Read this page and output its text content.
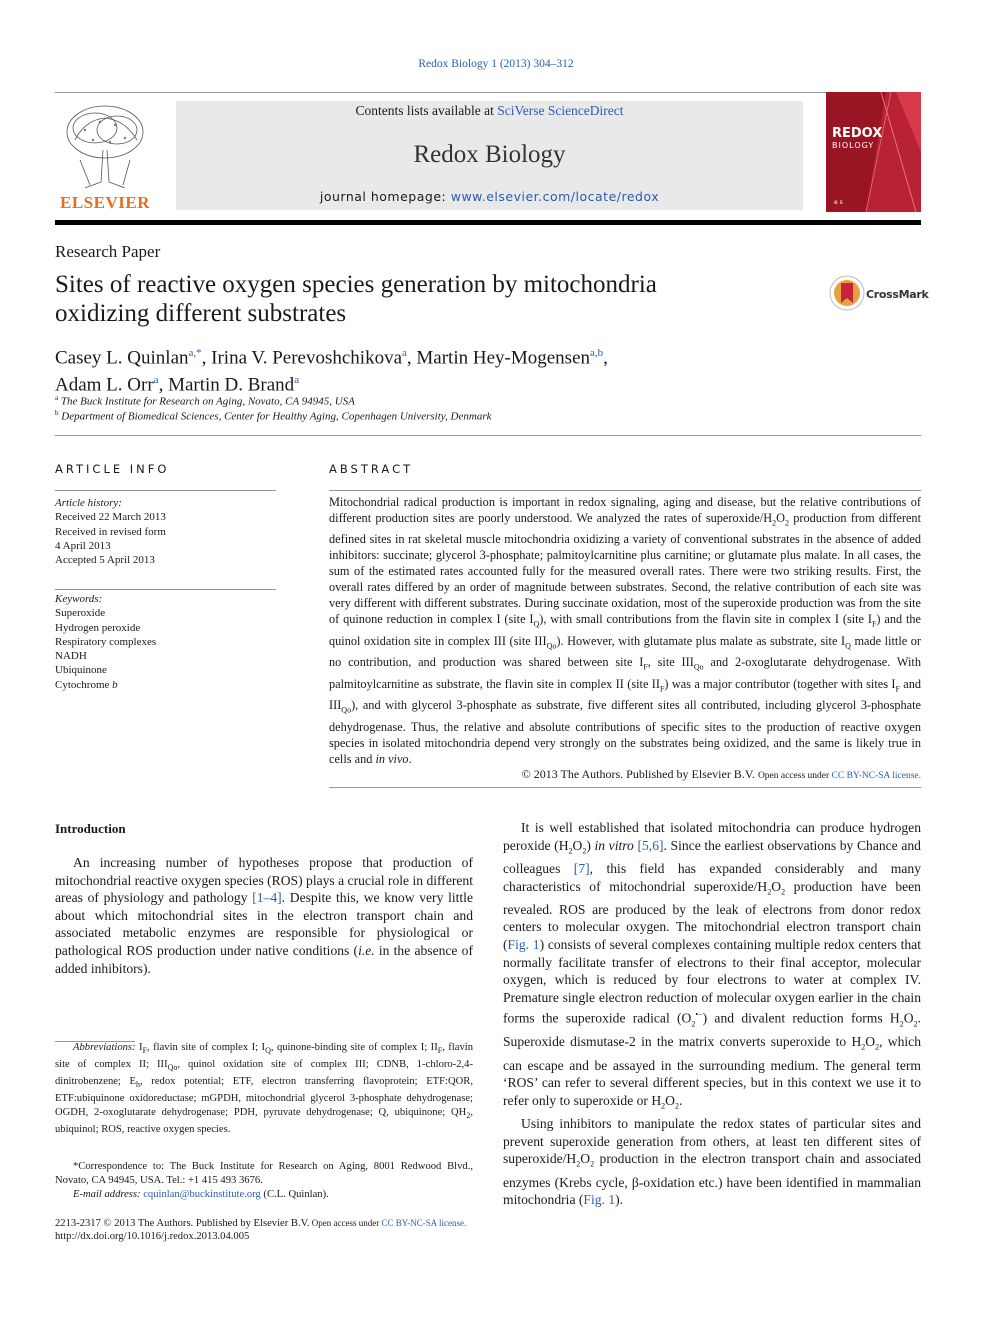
Redox Biology 1 (2013) 304–312
ELSEVIER
Contents lists available at SciVerse ScienceDirect
Redox Biology
journal homepage: www.elsevier.com/locate/redox	e s
REDOX
BIOLOGY
Research Paper
Sites of reactive oxygen species generation by mitochondria
oxidizing different substrates
CrossMark
Casey L. Quinlan$^{a,*}$, Irina V. Perevoshchikova$^a$, Martin Hey-Mogensen$^{a,b}$,
Adam L. Orr$^a$, Martin D. Brand$^a$
$^a$ The Buck Institute for Research on Aging, Novato, CA 94945, USA
$^b$ Department of Biomedical Sciences, Center for Healthy Aging, Copenhagen University, Denmark
ARTICLE INFO
Article history:
Received 22 March 2013
Received in revised form
4 April 2013
Accepted 5 April 2013
Keywords:
Superoxide
Hydrogen peroxide
Respiratory complexes
NADH
Ubiquinone
Cytochrome b
ABSTRACT
Mitochondrial radical production is important in redox signaling, aging and disease, but the relative contributions of different production sites are poorly understood. We analyzed the rates of superoxide/$H_2O_2$ production from different defined sites in rat skeletal muscle mitochondria oxidizing a variety of conventional substrates in the absence of added inhibitors: succinate; glycerol 3-phosphate; palmitoylcarnitine plus carnitine; or glutamate plus malate. In all cases, the sum of the estimated rates accounted fully for the measured overall rates. There were two striking results. First, the overall rates differed by an order of magnitude between substrates. Second, the relative contribution of each site was very different with different substrates. During succinate oxidation, most of the superoxide production was from the site of quinone reduction in complex I (site $I_Q$), with small contributions from the flavin site in complex I (site $I_F$) and the quinol oxidation site in complex III (site $III_{Qo}$). However, with glutamate plus malate as substrate, site $I_Q$ made little or no contribution, and production was shared between site $I_F$, site $III_{Qo}$ and 2-oxoglutarate dehydrogenase. With palmitoylcarnitine as substrate, the flavin site in complex II (site $II_F$) was a major contributor (together with sites $I_F$ and $III_{Qo}$), and with glycerol 3-phosphate as substrate, five different sites all contributed, including glycerol 3-phosphate dehydrogenase. Thus, the relative and absolute contributions of specific sites to the production of reactive oxygen species in isolated mitochondria depend very strongly on the substrates being oxidized, and the same is likely true in cells and in vivo.
© 2013 The Authors. Published by Elsevier B.V. Open access under CC BY-NC-SA license.
Introduction

An increasing number of hypotheses propose that production of mitochondrial reactive oxygen species (ROS) plays a crucial role in different areas of physiology and pathology [1–4]. Despite this, we know very little about which mitochondrial sites in the electron transport chain and associated metabolic enzymes are responsible for physiological or pathological ROS production under native conditions (i.e. in the absence of added inhibitors).

It is well established that isolated mitochondria can produce hydrogen peroxide $(H_2O_2)$ in vitro [5,6]. Since the earliest observations by Chance and colleagues [7], this field has expanded considerably and many characteristics of mitochondrial superoxide/$H_2O_2$ production have been revealed. ROS are produced by the leak of electrons from donor redox centers to molecular oxygen. The mitochondrial electron transport chain (Fig. 1) consists of several complexes containing multiple redox centers that normally facilitate transfer of electrons to their final acceptor, molecular oxygen, which is reduced by four electrons to water at complex IV. Premature single electron reduction of molecular oxygen earlier in the chain forms the superoxide radical $(O_2^{•-})$ and divalent reduction forms $H_2O_2$. Superoxide dismutase-2 in the matrix converts superoxide to $H_2O_2$, which can escape and be assayed in the surrounding medium. The general term ‘ROS’ can refer to several different species, but in this context we use it to refer only to superoxide or $H_2O_2$.

Using inhibitors to manipulate the redox states of particular sites and prevent superoxide generation from others, at least ten different sites of superoxide/$H_2O_2$ production in the electron transport chain and associated enzymes (Krebs cycle, β-oxidation etc.) have been identified in mammalian mitochondria (Fig. 1).

Abbreviations: $I_F$, flavin site of complex I; $I_Q$, quinone-binding site of complex I; $II_F$, flavin site of complex II; $III_{Qo}$, quinol oxidation site of complex III; CDNB, 1-chloro-2,4-dinitrobenzene; $E_h$, redox potential; ETF, electron transferring flavoprotein; ETF:QOR, ETF:ubiquinone oxidoreductase; mGPDH, mitochondrial glycerol 3-phosphate dehydrogenase; OGDH, 2-oxoglutarate dehydrogenase; PDH, pyruvate dehydrogenase; Q, ubiquinone; $QH_2$, ubiquinol; ROS, reactive oxygen species.
*Correspondence to: The Buck Institute for Research on Aging, 8001 Redwood Blvd., Novato, CA 94945, USA. Tel.: +1 415 493 3676.
E-mail address: cquinlan@buckinstitute.org (C.L. Quinlan).
2213-2317 © 2013 The Authors. Published by Elsevier B.V. Open access under CC BY-NC-SA license.
http://dx.doi.org/10.1016/j.redox.2013.04.005
